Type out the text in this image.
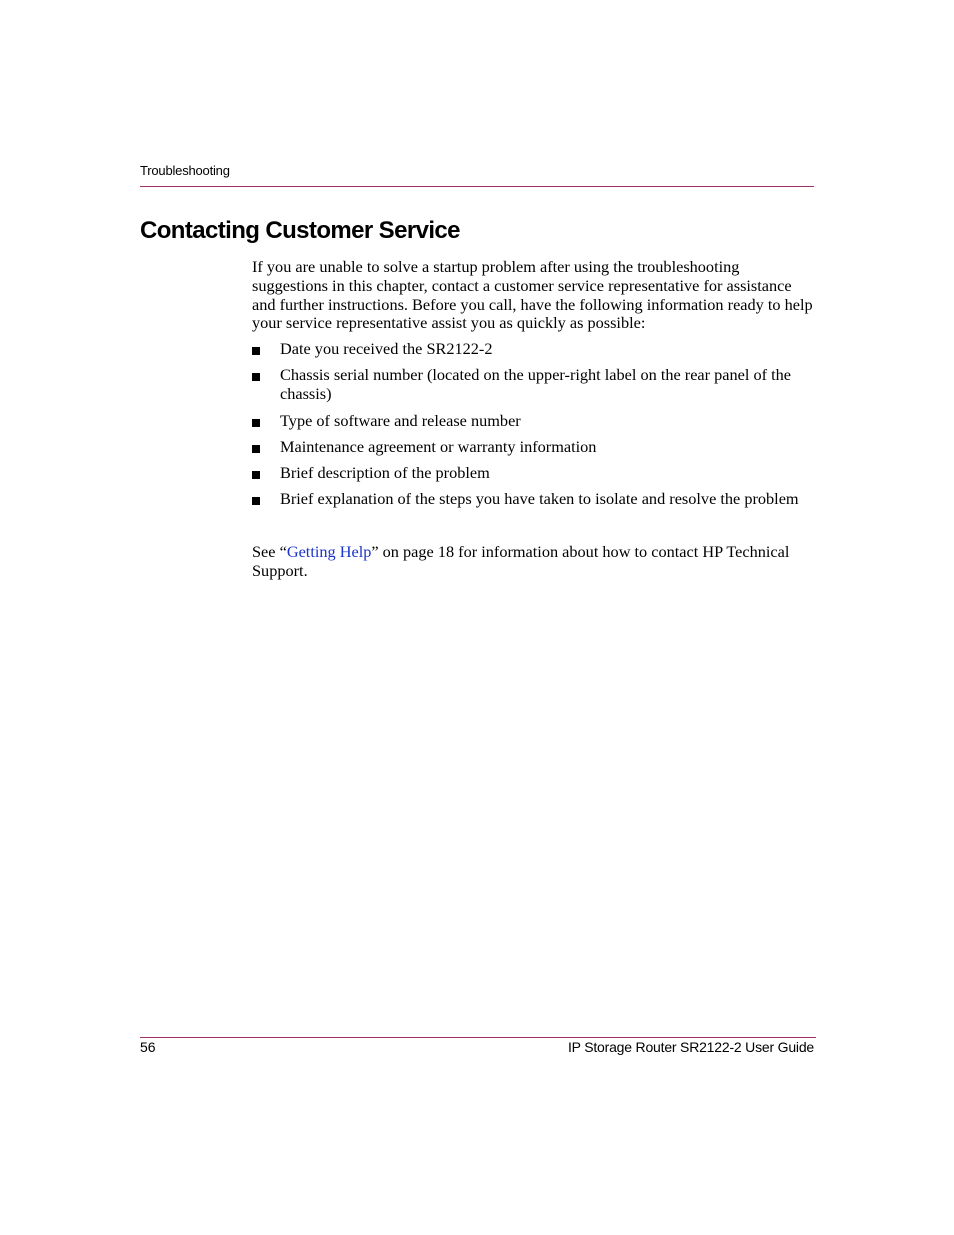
Troubleshooting
Contacting Customer Service

If you are unable to solve a startup problem after using the troubleshooting suggestions in this chapter, contact a customer service representative for assistance and further instructions. Before you call, have the following information ready to help your service representative assist you as quickly as possible:

Date you received the SR2122-2
Chassis serial number (located on the upper-right label on the rear panel of the chassis)
Type of software and release number
Maintenance agreement or warranty information
Brief description of the problem
Brief explanation of the steps you have taken to isolate and resolve the problem

See “Getting Help” on page 18 for information about how to contact HP Technical Support.

56	IP Storage Router SR2122-2 User Guide
